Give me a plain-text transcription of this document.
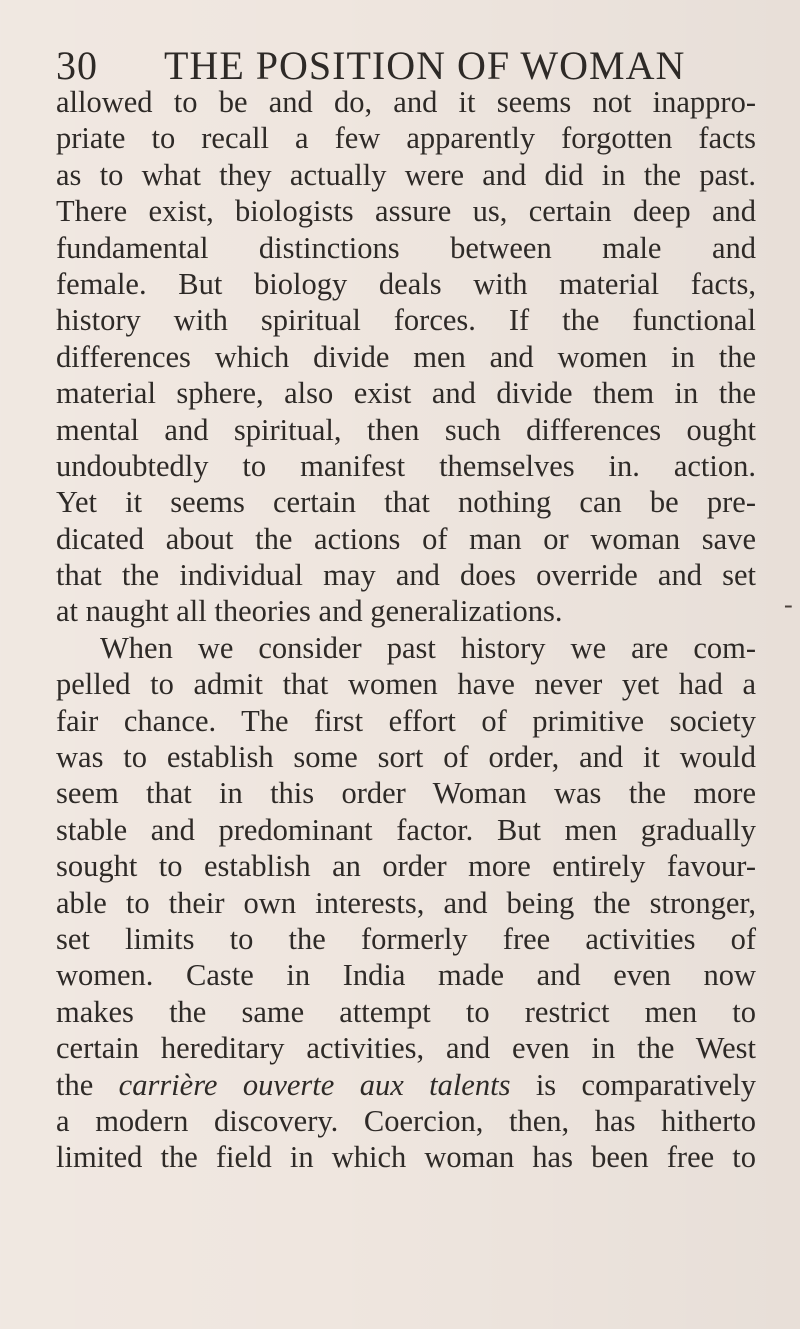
30 THE POSITION OF WOMAN
allowed to be and do, and it seems not inappro-
priate to recall a few apparently forgotten facts
as to what they actually were and did in the past.
There exist, biologists assure us, certain deep and
fundamental distinctions between male and
female. But biology deals with material facts,
history with spiritual forces. If the functional
differences which divide men and women in the
material sphere, also exist and divide them in the
mental and spiritual, then such differences ought
undoubtedly to manifest themselves in. action.
Yet it seems certain that nothing can be pre-
dicated about the actions of man or woman save
that the individual may and does override and set
at naught all theories and generalizations.
When we consider past history we are com-
pelled to admit that women have never yet had a
fair chance. The first effort of primitive society
was to establish some sort of order, and it would
seem that in this order Woman was the more
stable and predominant factor. But men gradually
sought to establish an order more entirely favour-
able to their own interests, and being the stronger,
set limits to the formerly free activities of
women. Caste in India made and even now
makes the same attempt to restrict men to
certain hereditary activities, and even in the West
the carrière ouverte aux talents is comparatively
a modern discovery. Coercion, then, has hitherto
limited the field in which woman has been free to
-
